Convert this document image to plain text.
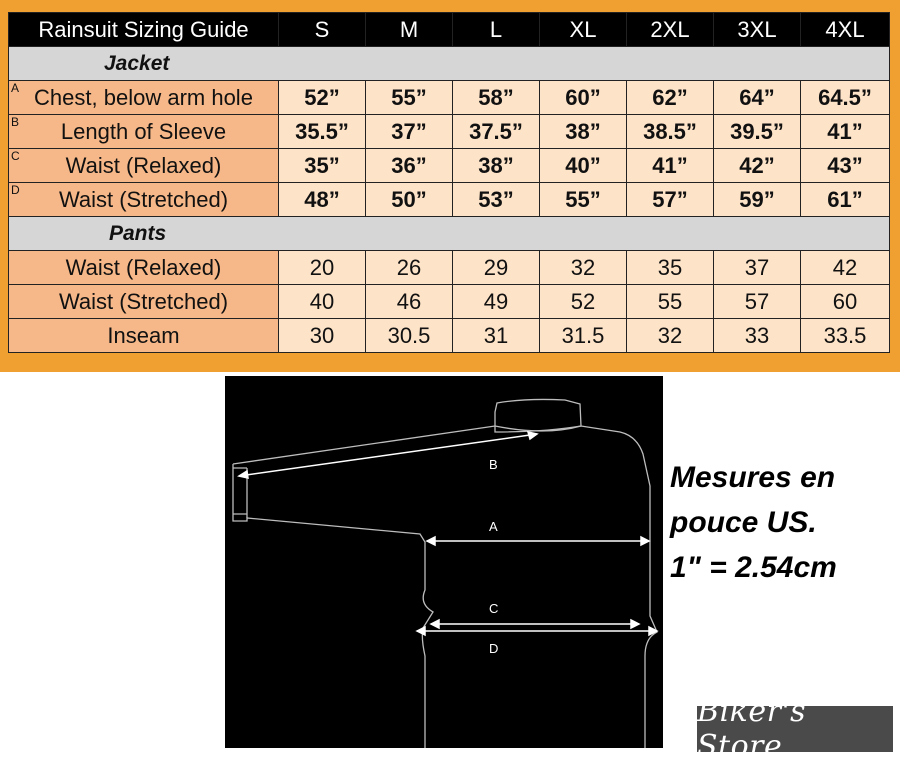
Rainsuit Sizing Guide	S	M	L	XL	2XL	3XL	4XL
Jacket							

A Chest, below arm hole	52”	55”	58”	60”	62”	64”	64.5”

B Length of Sleeve	35.5”	37”	37.5”	38”	38.5”	39.5”	41”

C Waist (Relaxed)	35”	36”	38”	40”	41”	42”	43”

D Waist (Stretched)	48”	50”	53”	55”	57”	59”	61”
Pants							
Waist (Relaxed)	20	26	29	32	35	37	42
Waist (Stretched)	40	46	49	52	55	57	60
Inseam	30	30.5	31	31.5	32	33	33.5
B
A
C
D
Mesures en
pouce US.
1" = 2.54cm
Biker's Store
